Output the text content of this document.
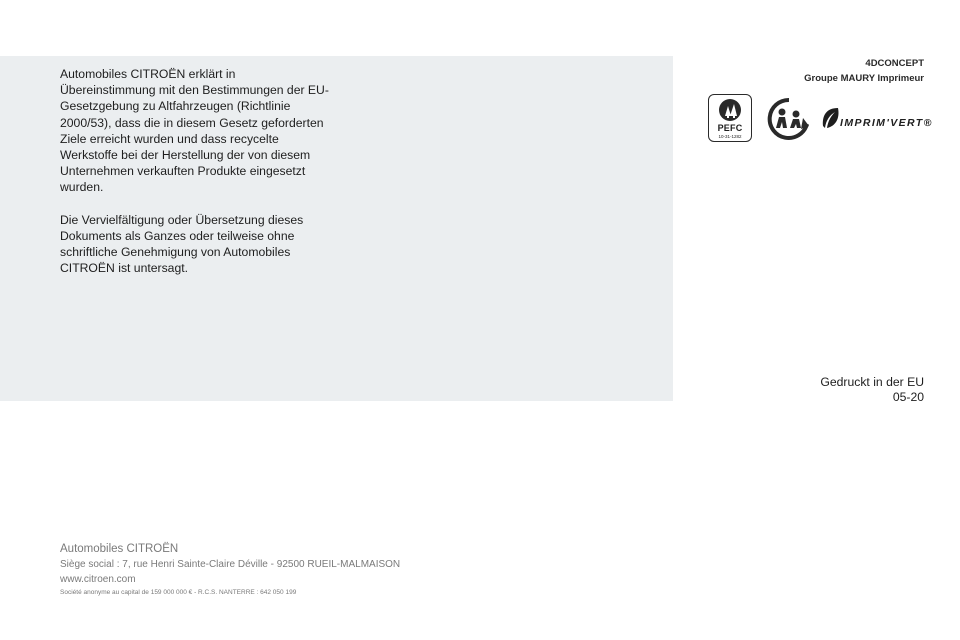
Automobiles CITROËN erklärt in Übereinstimmung mit den Bestimmungen der EU-Gesetzgebung zu Altfahrzeugen (Richtlinie 2000/53), dass die in diesem Gesetz geforderten Ziele erreicht wurden und dass recycelte Werkstoffe bei der Herstellung der von diesem Unternehmen verkauften Produkte eingesetzt wurden.

Die Vervielfältigung oder Übersetzung dieses Dokuments als Ganzes oder teilweise ohne schriftliche Genehmigung von Automobiles CITROËN ist untersagt.

4DCONCEPT
Groupe MAURY Imprimeur
PEFC
10-31-1282
IMPRIM'VERT®
Gedruckt in der EU
05-20
Automobiles CITROËN
Siège social : 7, rue Henri Sainte-Claire Déville - 92500 RUEIL-MALMAISON
www.citroen.com
Société anonyme au capital de 159 000 000 € - R.C.S. NANTERRE : 642 050 199
